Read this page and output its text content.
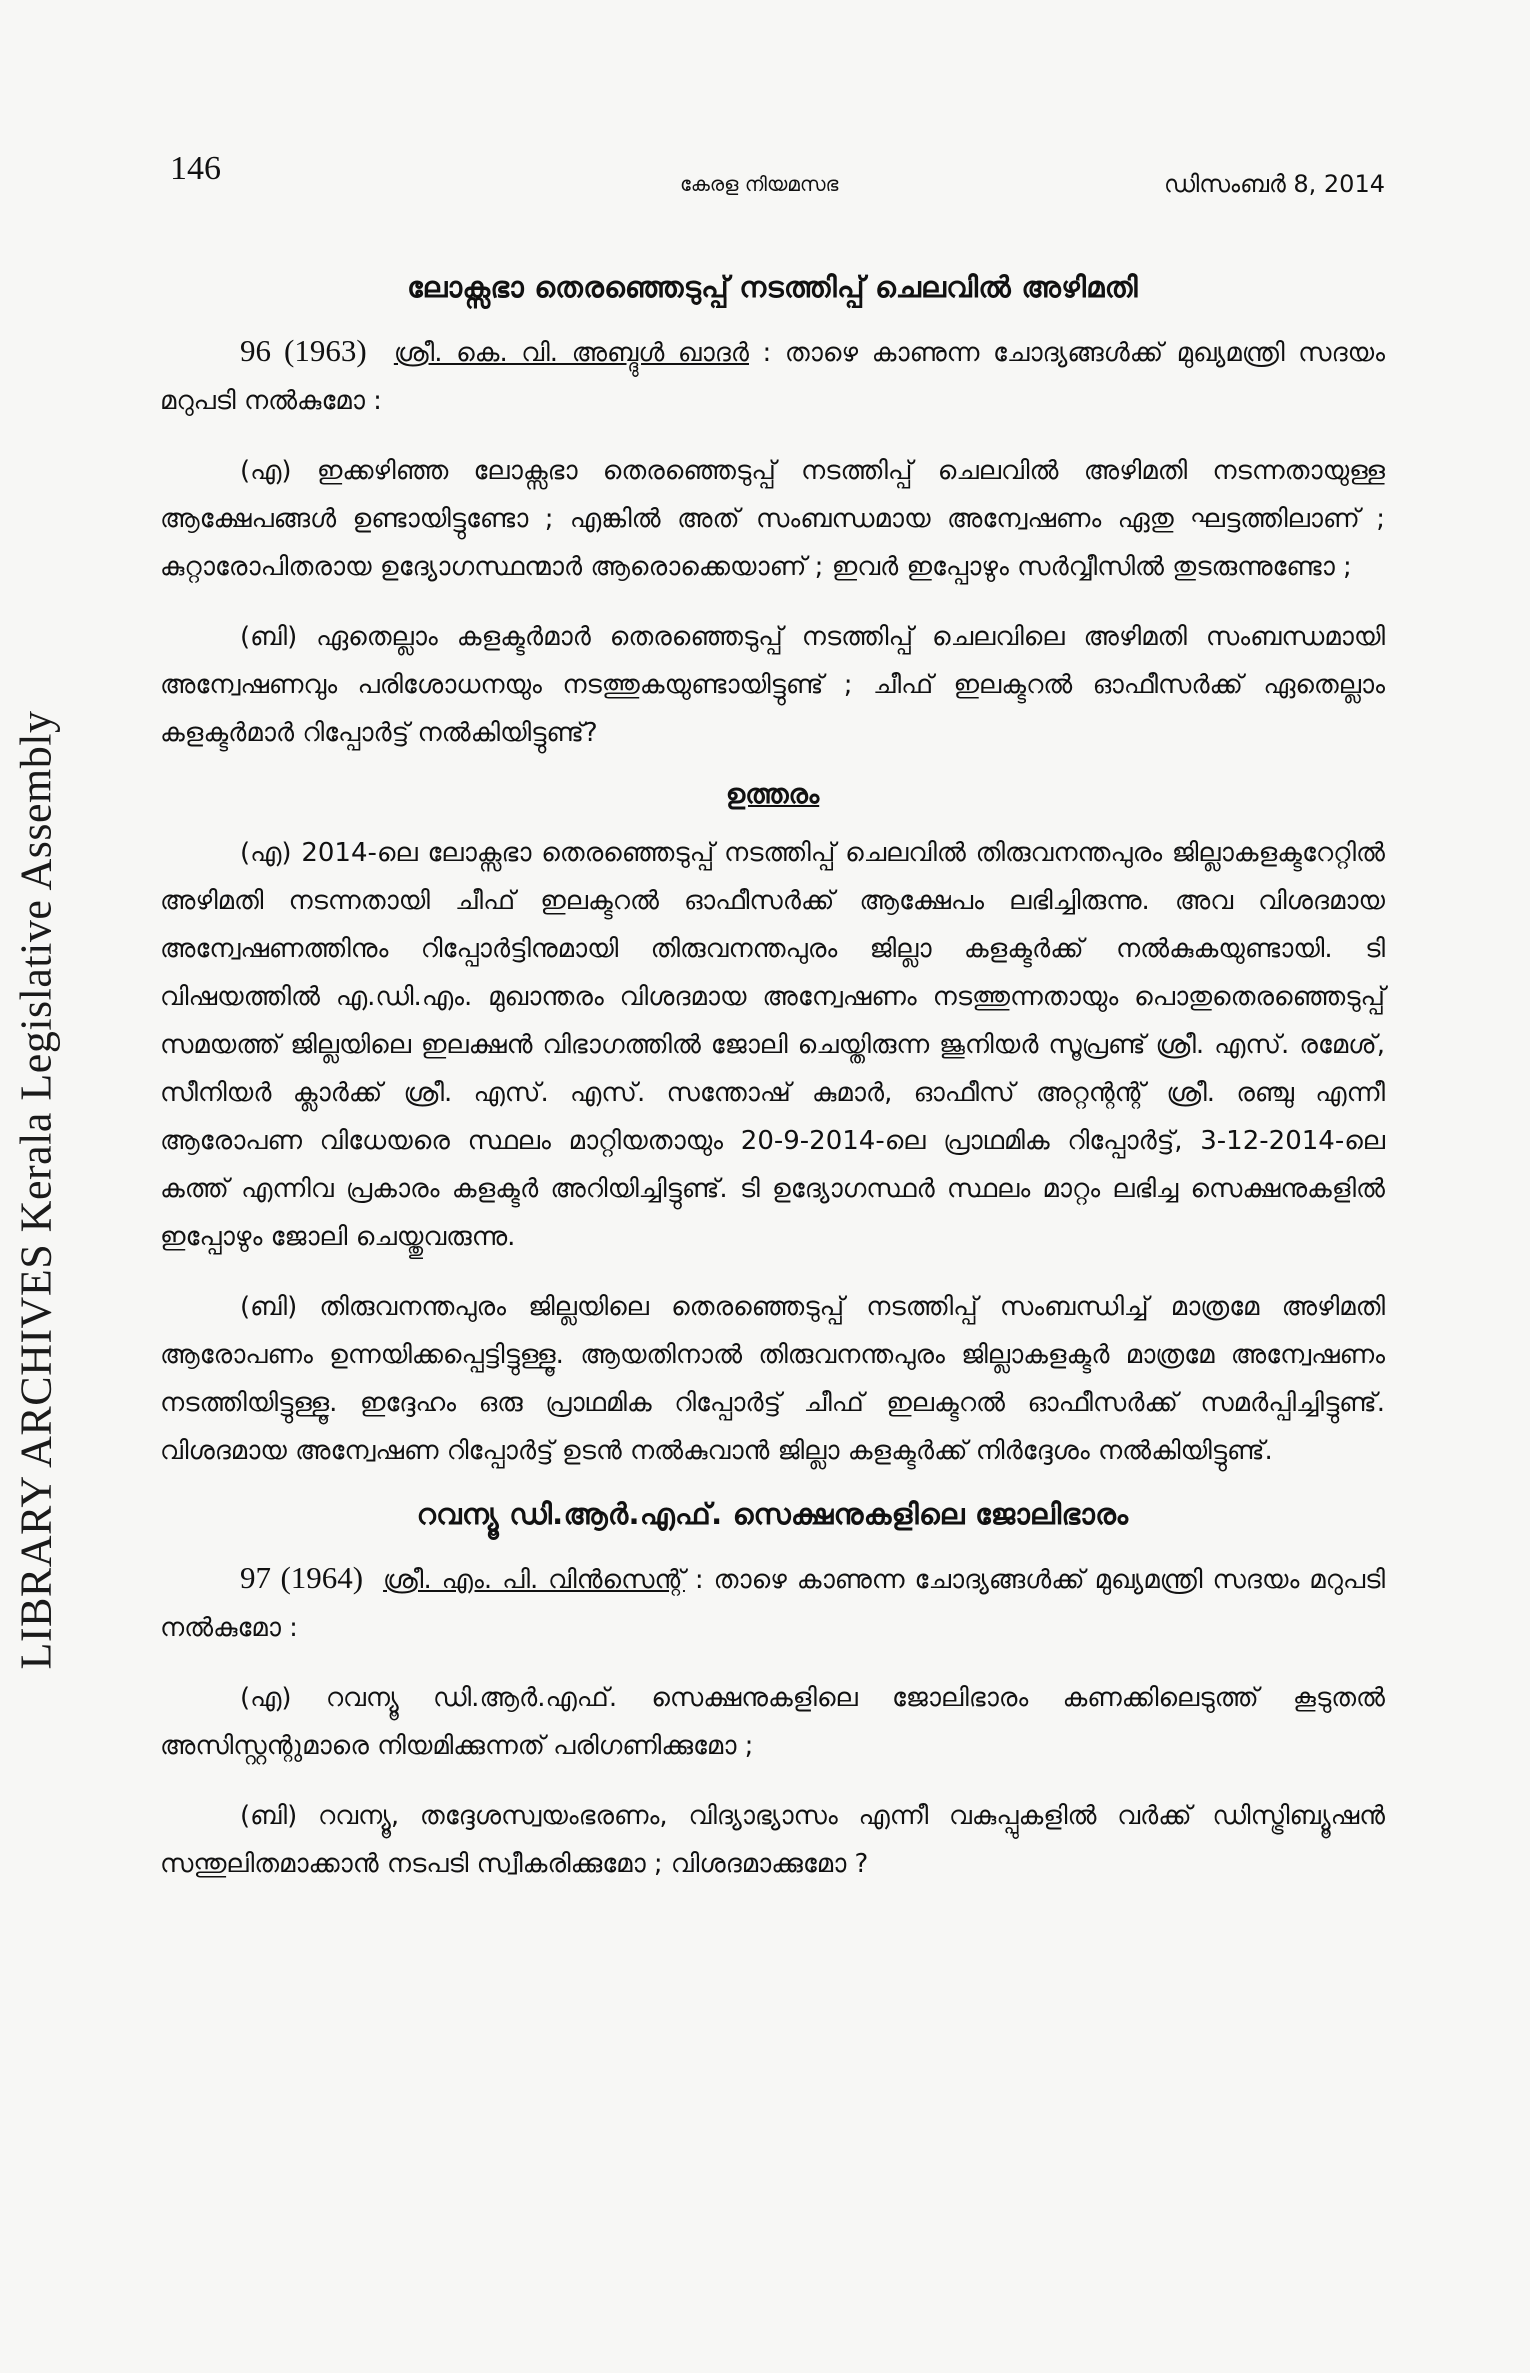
LIBRARY ARCHIVES Kerala Legislative Assembly
146	കേരള നിയമസഭ	ഡിസംബർ 8, 2014
ലോക്സഭാ തെരഞ്ഞെടുപ്പ് നടത്തിപ്പ് ചെലവിൽ അഴിമതി

96 (1963) ശ്രീ. കെ. വി. അബ്ദുൾ ഖാദർ : താഴെ കാണുന്ന ചോദ്യങ്ങൾക്ക് മുഖ്യമന്ത്രി സദയം മറുപടി നൽകുമോ :

(എ) ഇക്കഴിഞ്ഞ ലോക്സഭാ തെരഞ്ഞെടുപ്പ് നടത്തിപ്പ് ചെലവിൽ അഴിമതി നടന്നതായുള്ള ആക്ഷേപങ്ങൾ ഉണ്ടായിട്ടുണ്ടോ ; എങ്കിൽ അത് സംബന്ധമായ അന്വേഷണം ഏതു ഘട്ടത്തിലാണ് ; കുറ്റാരോപിതരായ ഉദ്യോഗസ്ഥന്മാർ ആരൊക്കെയാണ് ; ഇവർ ഇപ്പോഴും സർവ്വീസിൽ തുടരുന്നുണ്ടോ ;

(ബി) ഏതെല്ലാം കളക്ടർമാർ തെരഞ്ഞെടുപ്പ് നടത്തിപ്പ് ചെലവിലെ അഴിമതി സംബന്ധമായി അന്വേഷണവും പരിശോധനയും നടത്തുകയുണ്ടായിട്ടുണ്ട് ; ചീഫ് ഇലക്ടറൽ ഓഫീസർക്ക് ഏതെല്ലാം കളക്ടർമാർ റിപ്പോർട്ട് നൽകിയിട്ടുണ്ട്?

ഉത്തരം

(എ) 2014-ലെ ലോക്സഭാ തെരഞ്ഞെടുപ്പ് നടത്തിപ്പ് ചെലവിൽ തിരുവനന്തപുരം ജില്ലാകളക്ടറേറ്റിൽ അഴിമതി നടന്നതായി ചീഫ് ഇലക്ടറൽ ഓഫീസർക്ക് ആക്ഷേപം ലഭിച്ചിരുന്നു. അവ വിശദമായ അന്വേഷണത്തിനും റിപ്പോർട്ടിനുമായി തിരുവനന്തപുരം ജില്ലാ കളക്ടർക്ക് നൽകുകയുണ്ടായി. ടി വിഷയത്തിൽ എ.ഡി.എം. മുഖാന്തരം വിശദമായ അന്വേഷണം നടത്തുന്നതായും പൊതുതെരഞ്ഞെടുപ്പ് സമയത്ത് ജില്ലയിലെ ഇലക്ഷൻ വിഭാഗത്തിൽ ജോലി ചെയ്തിരുന്ന ജൂനിയർ സൂപ്രണ്ട് ശ്രീ. എസ്. രമേശ്, സീനിയർ ക്ലാർക്ക് ശ്രീ. എസ്. എസ്. സന്തോഷ് കുമാർ, ഓഫീസ് അറ്റന്റന്റ് ശ്രീ. രഞ്ചു എന്നീ ആരോപണ വിധേയരെ സ്ഥലം മാറ്റിയതായും 20-9-2014-ലെ പ്രാഥമിക റിപ്പോർട്ട്, 3-12-2014-ലെ കത്ത് എന്നിവ പ്രകാരം കളക്ടർ അറിയിച്ചിട്ടുണ്ട്. ടി ഉദ്യോഗസ്ഥർ സ്ഥലം മാറ്റം ലഭിച്ച സെക്ഷനുകളിൽ ഇപ്പോഴും ജോലി ചെയ്തുവരുന്നു.

(ബി) തിരുവനന്തപുരം ജില്ലയിലെ തെരഞ്ഞെടുപ്പ് നടത്തിപ്പ് സംബന്ധിച്ച് മാത്രമേ അഴിമതി ആരോപണം ഉന്നയിക്കപ്പെട്ടിട്ടുള്ളൂ. ആയതിനാൽ തിരുവനന്തപുരം ജില്ലാകളക്ടർ മാത്രമേ അന്വേഷണം നടത്തിയിട്ടുള്ളൂ. ഇദ്ദേഹം ഒരു പ്രാഥമിക റിപ്പോർട്ട് ചീഫ് ഇലക്ടറൽ ഓഫീസർക്ക് സമർപ്പിച്ചിട്ടുണ്ട്. വിശദമായ അന്വേഷണ റിപ്പോർട്ട് ഉടൻ നൽകുവാൻ ജില്ലാ കളക്ടർക്ക് നിർദ്ദേശം നൽകിയിട്ടുണ്ട്.

റവന്യൂ ഡി.ആർ.എഫ്. സെക്ഷനുകളിലെ ജോലിഭാരം

97 (1964) ശ്രീ. എം. പി. വിൻസെന്റ് : താഴെ കാണുന്ന ചോദ്യങ്ങൾക്ക് മുഖ്യമന്ത്രി സദയം മറുപടി നൽകുമോ :

(എ) റവന്യൂ ഡി.ആർ.എഫ്. സെക്ഷനുകളിലെ ജോലിഭാരം കണക്കിലെടുത്ത് കൂടുതൽ അസിസ്റ്റന്റുമാരെ നിയമിക്കുന്നത് പരിഗണിക്കുമോ ;

(ബി) റവന്യൂ, തദ്ദേശസ്വയംഭരണം, വിദ്യാഭ്യാസം എന്നീ വകുപ്പുകളിൽ വർക്ക് ഡിസ്ട്രിബ്യൂഷൻ സന്തുലിതമാക്കാൻ നടപടി സ്വീകരിക്കുമോ ; വിശദമാക്കുമോ ?
